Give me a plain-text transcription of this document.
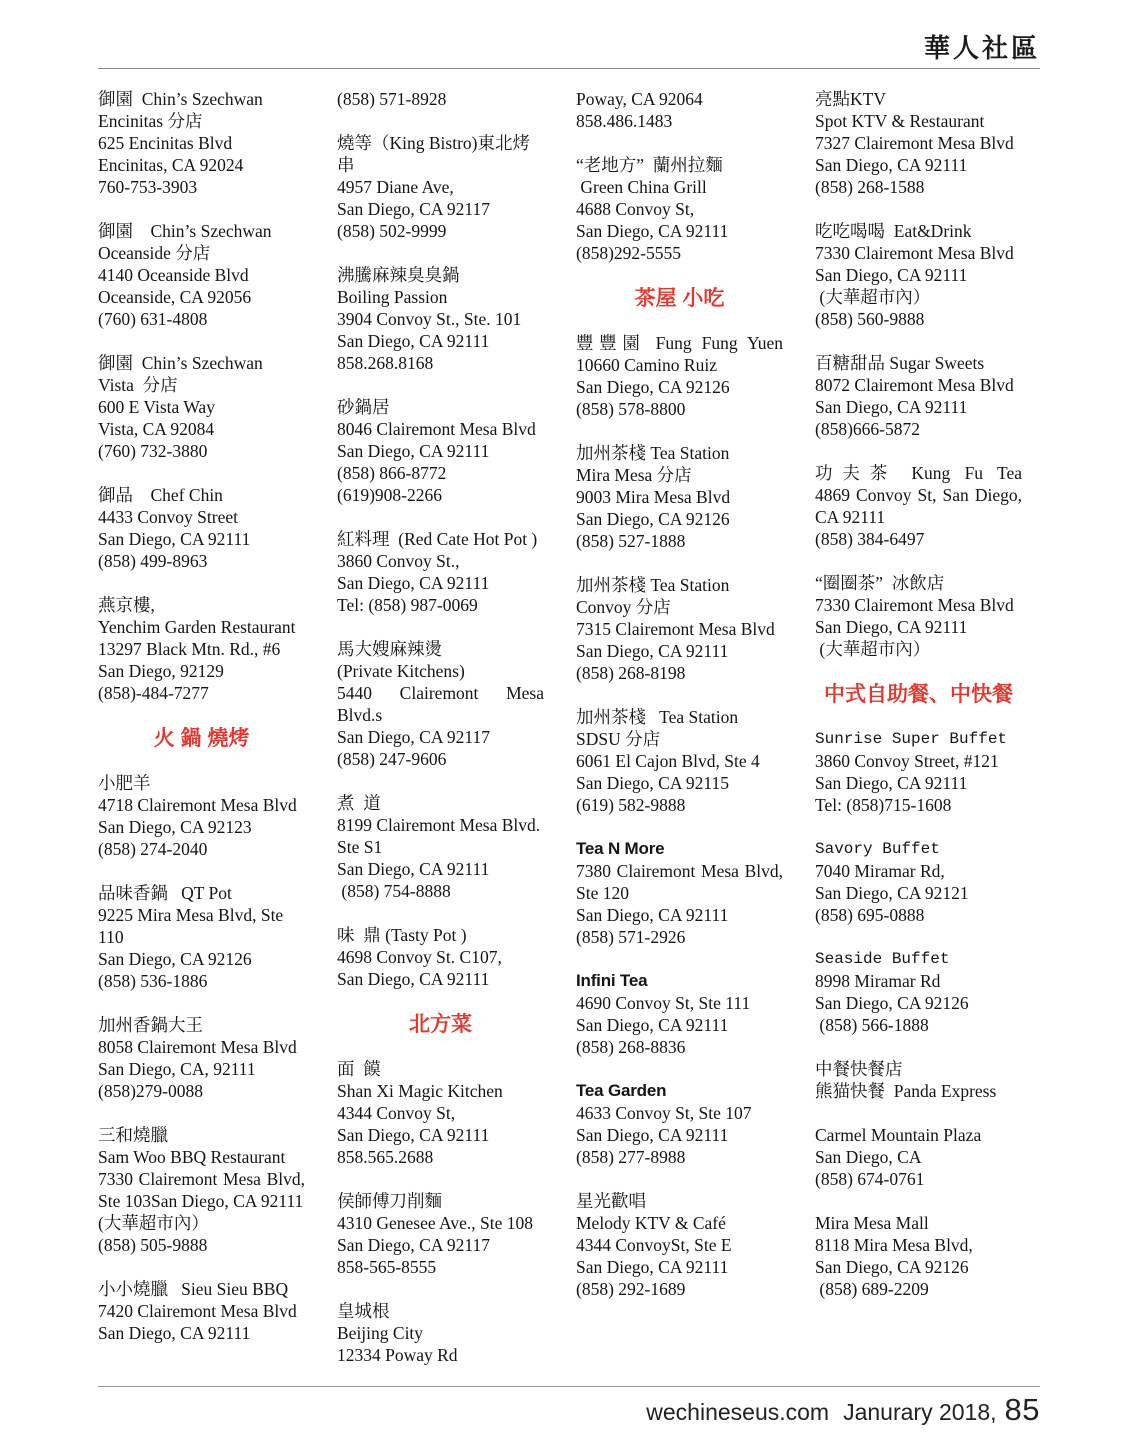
華人社區
御園  Chin’s Szechwan
Encinitas 分店
625 Encinitas Blvd
Encinitas, CA 92024
760-753-3903
御園    Chin’s Szechwan
Oceanside 分店
4140 Oceanside Blvd
Oceanside, CA 92056
(760) 631-4808
御園  Chin’s Szechwan
Vista  分店
600 E Vista Way
Vista, CA 92084
(760) 732-3880
御品    Chef Chin
4433 Convoy Street
San Diego, CA 92111
(858) 499-8963
燕京樓,
Yenchim Garden Restaurant
13297 Black Mtn. Rd., #6
San Diego, 92129
(858)-484-7277
火 鍋 燒烤
小肥羊
4718 Clairemont Mesa Blvd
San Diego, CA 92123
(858) 274-2040
品味香鍋   QT Pot
9225 Mira Mesa Blvd, Ste 110
San Diego, CA 92126
(858) 536-1886
加州香鍋大王
8058 Clairemont Mesa Blvd
San Diego, CA, 92111
(858)279-0088
三和燒臘
Sam Woo BBQ Restaurant
7330 Clairemont Mesa Blvd,
Ste 103San Diego, CA 92111
(大華超市內）
(858) 505-9888
小小燒臘   Sieu Sieu BBQ
7420 Clairemont Mesa Blvd
San Diego, CA 92111
(858) 571-8928
燒等（King Bistro)東北烤串
4957 Diane Ave,
San Diego, CA 92117
(858) 502-9999
沸騰麻辣臭臭鍋
Boiling Passion
3904 Convoy St., Ste. 101
San Diego, CA 92111
858.268.8168
砂鍋居
8046 Clairemont Mesa Blvd
San Diego, CA 92111
(858) 866-8772
(619)908-2266
紅料理  (Red Cate Hot Pot )
3860 Convoy St.,
San Diego, CA 92111
Tel: (858) 987-0069
馬大嫂麻辣燙
(Private Kitchens)
5440 Clairemont Mesa Blvd.s
San Diego, CA 92117
(858) 247-9606
煮  道
8199 Clairemont Mesa Blvd.
Ste S1
San Diego, CA 92111
(858) 754-8888
味  鼎 (Tasty Pot )
4698 Convoy St. C107,
San Diego, CA 92111
北方菜
面  饃
Shan Xi Magic Kitchen
4344 Convoy St,
San Diego, CA 92111
858.565.2688
侯師傅刀削麵
4310 Genesee Ave., Ste 108
San Diego, CA 92117
858-565-8555
皇城根
Beijing City
12334 Poway Rd
Poway, CA 92064
858.486.1483
“老地方”  蘭州拉麵
Green China Grill
4688 Convoy St,
San Diego, CA 92111
(858)292-5555
茶屋 小吃
豐豐園 Fung Fung Yuen
10660 Camino Ruiz
San Diego, CA 92126
(858) 578-8800
加州茶棧 Tea Station
Mira Mesa 分店
9003 Mira Mesa Blvd
San Diego, CA 92126
(858) 527-1888
加州茶棧 Tea Station
Convoy 分店
7315 Clairemont Mesa Blvd
San Diego, CA 92111
(858) 268-8198
加州茶棧   Tea Station
SDSU 分店
6061 El Cajon Blvd, Ste 4
San Diego, CA 92115
(619) 582-9888
Tea N More
7380 Clairemont Mesa Blvd,
Ste 120
San Diego, CA 92111
(858) 571-2926
Infini Tea
4690 Convoy St, Ste 111
San Diego, CA 92111
(858) 268-8836
Tea Garden
4633 Convoy St, Ste 107
San Diego, CA 92111
(858) 277-8988
星光歡唱
Melody KTV & Café
4344 ConvoySt, Ste E
San Diego, CA 92111
(858) 292-1689
亮點KTV
Spot KTV & Restaurant
7327 Clairemont Mesa Blvd
San Diego, CA 92111
(858) 268-1588
吃吃喝喝  Eat&Drink
7330 Clairemont Mesa Blvd
San Diego, CA 92111
(大華超市內）
(858) 560-9888
百糖甜品 Sugar Sweets
8072 Clairemont Mesa Blvd
San Diego, CA 92111
(858)666-5872
功夫茶 Kung Fu Tea
4869 Convoy St, San Diego,
CA 92111
(858) 384-6497
“圈圈茶”  冰飲店
7330 Clairemont Mesa Blvd
San Diego, CA 92111
(大華超市內）
中式自助餐、中快餐
Sunrise Super Buffet
3860 Convoy Street, #121
San Diego, CA 92111
Tel: (858)715-1608
Savory Buffet
7040 Miramar Rd,
San Diego, CA 92121
(858) 695-0888
Seaside Buffet
8998 Miramar Rd
San Diego, CA 92126
(858) 566-1888
中餐快餐店
熊猫快餐  Panda Express
Carmel Mountain Plaza
San Diego, CA
(858) 674-0761
Mira Mesa Mall
8118 Mira Mesa Blvd,
San Diego, CA 92126
(858) 689-2209
wechineseus.com Janurary 2018, 85
